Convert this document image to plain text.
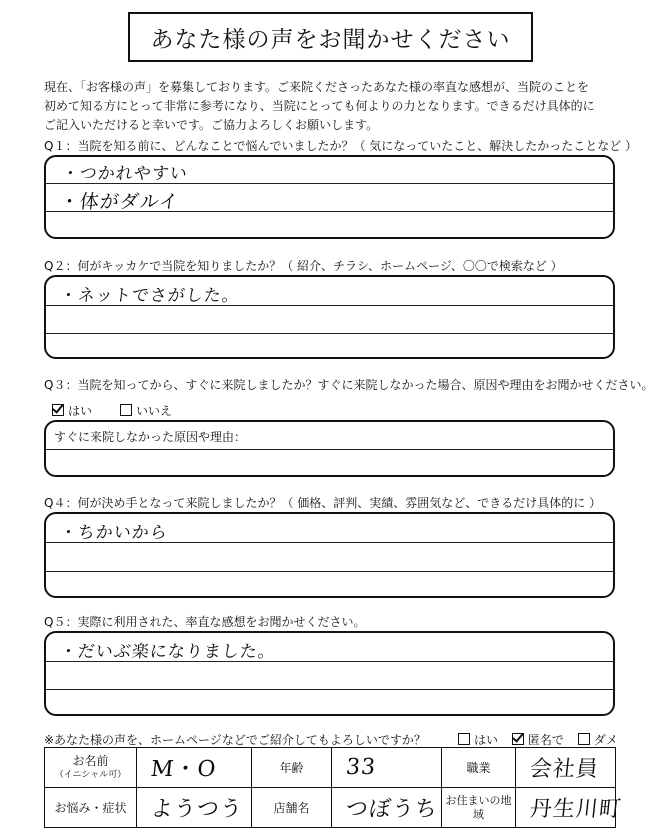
あなた様の声をお聞かせください
現在、「お客様の声」を募集しております。ご来院くださったあなた様の率直な感想が、当院のことを
初めて知る方にとって非常に参考になり、当院にとっても何よりの力となります。できるだけ具体的に
ご記入いただけると幸いです。ご協力よろしくお願いします。
Q１：当院を知る前に、どんなことで悩んでいましたか？（ 気になっていたこと、解決したかったことなど ）
・つかれやすい
・体がダルイ
Q２：何がキッカケで当院を知りましたか？（ 紹介、チラシ、ホームページ、〇〇で検索など ）
・ネットでさがした。
Q３：当院を知ってから、すぐに来院しましたか？すぐに来院しなかった場合、原因や理由をお聞かせください。
はい	いいえ
すぐに来院しなかった原因や理由：
Q４：何が決め手となって来院しましたか？（ 価格、評判、実績、雰囲気など、できるだけ具体的に ）
・ちかいから
Q５：実際に利用された、率直な感想をお聞かせください。
・だいぶ楽になりました。
※あなた様の声を、ホームページなどでご紹介してもよろしいですか？	はい 匿名で ダメ
お名前
（イニシャル可）	M・O	年齢	33	職業	会社員
お悩み・症状	ようつう	店舗名	つぼうち	お住まいの地域	丹生川町
